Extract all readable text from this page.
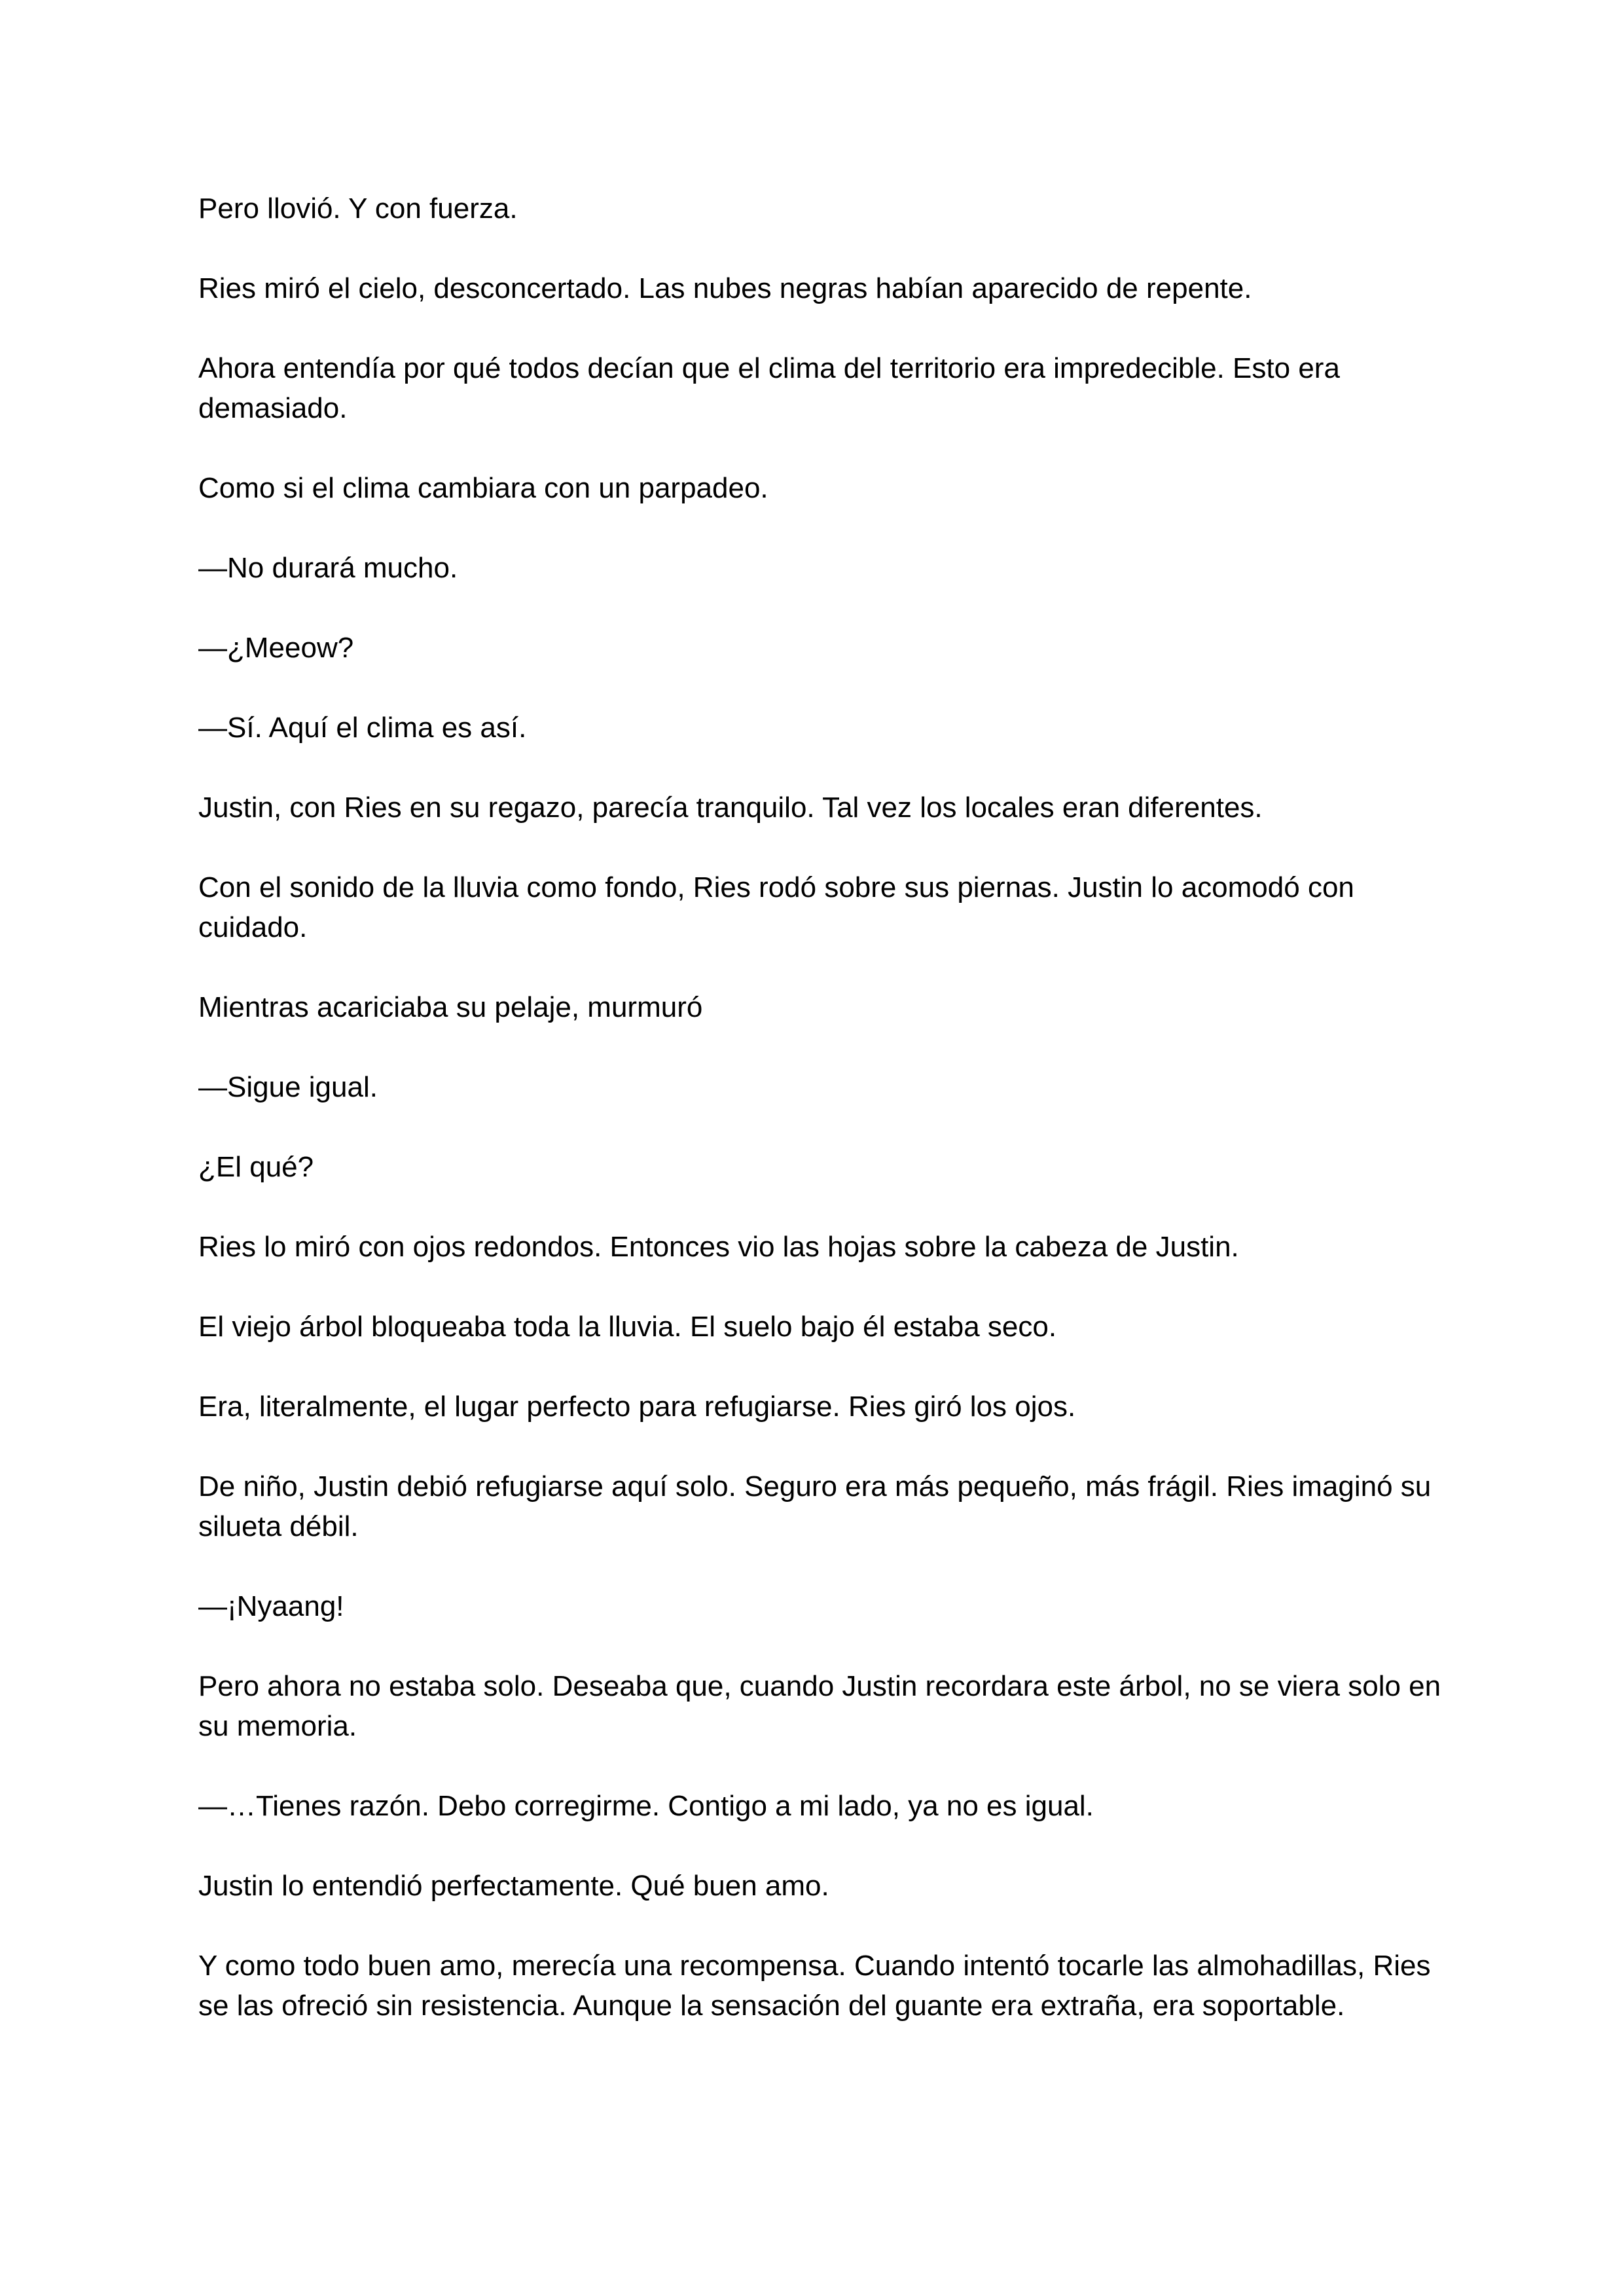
Pero llovió. Y con fuerza.

Ries miró el cielo, desconcertado. Las nubes negras habían aparecido de repente.

Ahora entendía por qué todos decían que el clima del territorio era impredecible. Esto era demasiado.

Como si el clima cambiara con un parpadeo.

—No durará mucho.

—¿Meeow?

—Sí. Aquí el clima es así.

Justin, con Ries en su regazo, parecía tranquilo. Tal vez los locales eran diferentes.

Con el sonido de la lluvia como fondo, Ries rodó sobre sus piernas. Justin lo acomodó con cuidado.

Mientras acariciaba su pelaje, murmuró

—Sigue igual.

¿El qué?

Ries lo miró con ojos redondos. Entonces vio las hojas sobre la cabeza de Justin.

El viejo árbol bloqueaba toda la lluvia. El suelo bajo él estaba seco.

Era, literalmente, el lugar perfecto para refugiarse. Ries giró los ojos.

De niño, Justin debió refugiarse aquí solo. Seguro era más pequeño, más frágil. Ries imaginó su silueta débil.

—¡Nyaang!

Pero ahora no estaba solo. Deseaba que, cuando Justin recordara este árbol, no se viera solo en su memoria.

—…Tienes razón. Debo corregirme. Contigo a mi lado, ya no es igual.

Justin lo entendió perfectamente. Qué buen amo.

Y como todo buen amo, merecía una recompensa. Cuando intentó tocarle las almohadillas, Ries se las ofreció sin resistencia. Aunque la sensación del guante era extraña, era soportable.
